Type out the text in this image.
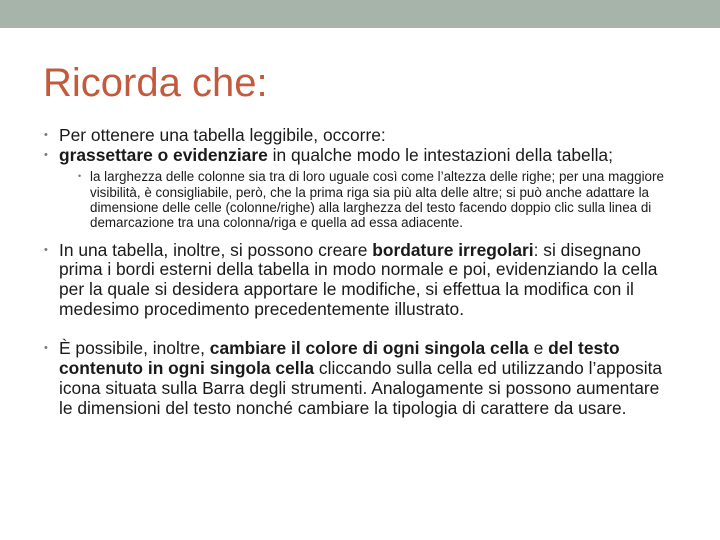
Ricorda che:

• Per ottenere una tabella leggibile, occorre:

• grassettare o evidenziare in qualche modo le intestazioni della tabella;

• la larghezza delle colonne sia tra di loro uguale così come l’altezza delle righe; per una maggiore visibilità, è consigliabile, però, che la prima riga sia più alta delle altre; si può anche adattare la dimensione delle celle (colonne/righe) alla larghezza del testo facendo doppio clic sulla linea di demarcazione tra una colonna/riga e quella ad essa adiacente.

• In una tabella, inoltre, si possono creare bordature irregolari: si disegnano prima i bordi esterni della tabella in modo normale e poi, evidenziando la cella per la quale si desidera apportare le modifiche, si effettua la modifica con il medesimo procedimento precedentemente illustrato.

• È possibile, inoltre, cambiare il colore di ogni singola cella e del testo contenuto in ogni singola cella cliccando sulla cella ed utilizzando l’apposita icona situata sulla Barra degli strumenti. Analogamente si possono aumentare le dimensioni del testo nonché cambiare la tipologia di carattere da usare.
